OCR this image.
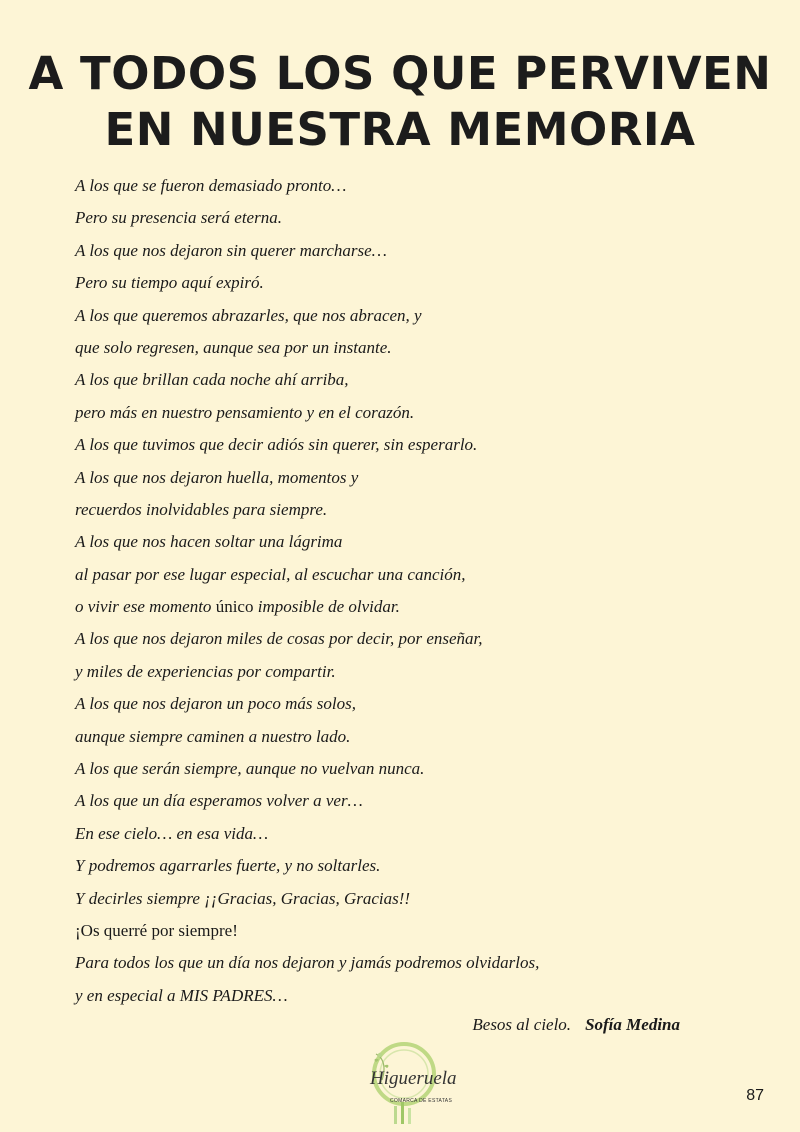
A TODOS LOS QUE PERVIVEN
EN NUESTRA MEMORIA
A los que se fueron demasiado pronto…
Pero su presencia será eterna.
A los que nos dejaron sin querer marcharse…
Pero su tiempo aquí expiró.
A los que queremos abrazarles, que nos abracen, y
que solo regresen, aunque sea por un instante.
A los que brillan cada noche ahí arriba,
pero más en nuestro pensamiento y en el corazón.
A los que tuvimos que decir adiós sin querer, sin esperarlo.
A los que nos dejaron huella, momentos y
recuerdos inolvidables para siempre.
A los que nos hacen soltar una lágrima
al pasar por ese lugar especial, al escuchar una canción,
o vivir ese momento único imposible de olvidar.
A los que nos dejaron miles de cosas por decir, por enseñar,
y miles de experiencias por compartir.
A los que nos dejaron un poco más solos,
aunque siempre caminen a nuestro lado.
A los que serán siempre, aunque no vuelvan nunca.
A los que un día esperamos volver a ver…
En ese cielo… en esa vida…
Y podremos agarrarles fuerte, y no soltarles.
Y decirles siempre ¡¡Gracias, Gracias, Gracias!!
¡Os querré por siempre!
Para todos los que un día nos dejaron y jamás podremos olvidarlos,
y en especial a MIS PADRES…
Besos al cielo. Sofía Medina
Higueruela
COMARCA DE ESTATAS	87
